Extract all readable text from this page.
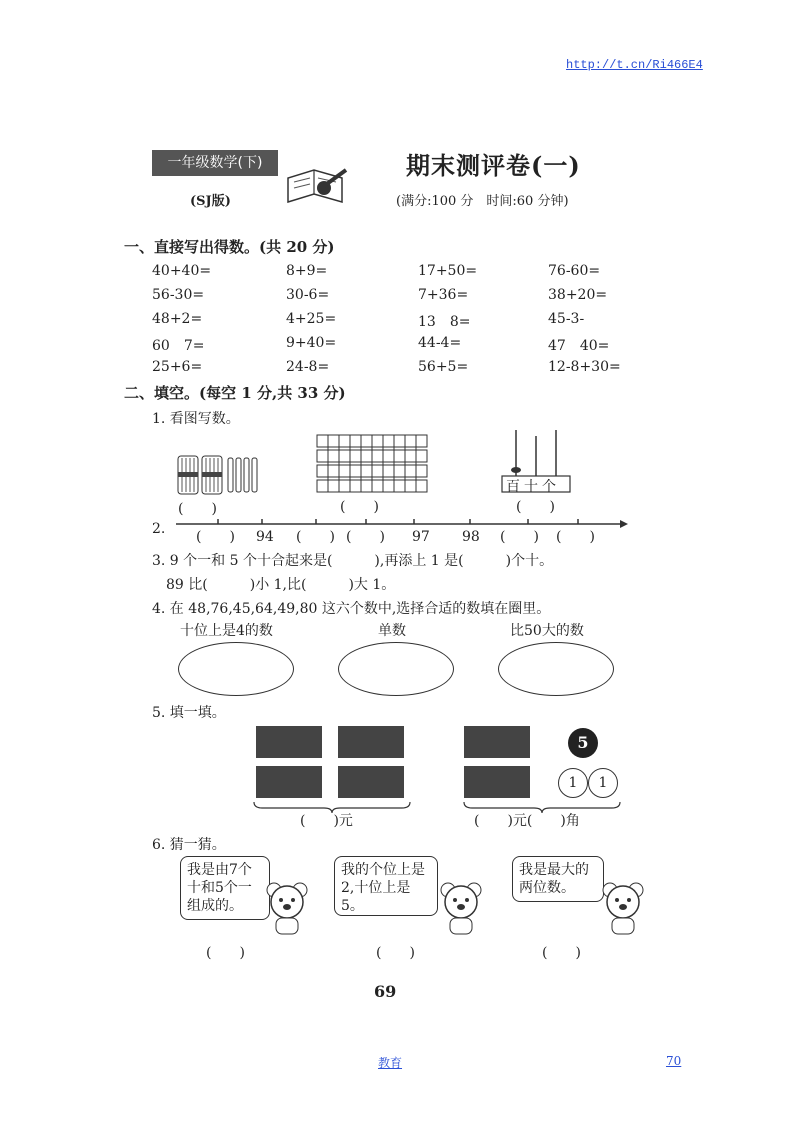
http://t.cn/Ri466E4
一年级数学(下)
(SJ版)
期末测评卷(一)
(满分:100 分　时间:60 分钟)
一、直接写出得数。(共 20 分)
40+40=	8+9=	17+50=	76-60=
56-30=	30-6=	7+36=	38+20=
48+2=	4+25=	13　8=	45-3-
60　7=	9+40=	44-4=	47　40=
25+6=	24-8=	56+5=	12-8+30=
二、填空。(每空 1 分,共 33 分)
1. 看图写数。
(　　)	(　　)
百十个
(　　)
2. (　　) 94 (　　) (　　) 97 98 (　　) (　　)
3. 9 个一和 5 个十合起来是(　　　),再添上 1 是(　　　)个十。
89 比(　　　)小 1,比(　　　)大 1。
4. 在 48,76,45,64,49,80 这六个数中,选择合适的数填在圈里。
十位上是4的数	单数	比50大的数
5. 填一填。
(　　)元
5
1	1
(　　)元(　　)角
6. 猜一猜。
我是由7个十和5个一组成的。
我的个位上是2,十位上是5。
我是最大的两位数。
(　　)	(　　)	(　　)
69
教育	70
